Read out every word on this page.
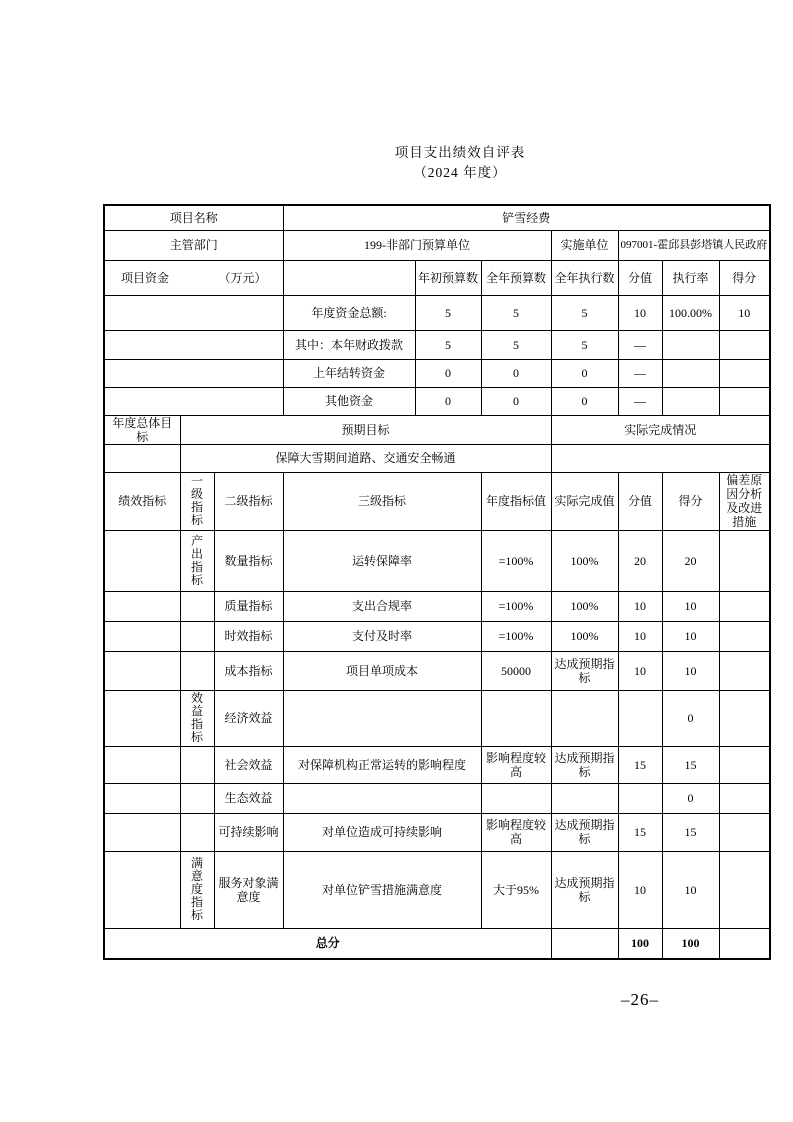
项目支出绩效自评表
（2024 年度）
项目名称			铲雪经费						
主管部门			199-非部门预算单位			实施单位	097001-霍邱县彭塔镇人民政府		

项目资金 （万元）				年初预算数	全年预算数	全年执行数	分值	执行率	得分
			年度资金总额:	5	5	5	10	100.00%	10
			其中：本年财政拨款	5	5	5	—		
			上年结转资金	0	0	0	—		
			其他资金	0	0	0	—		
年度总体目标	预期目标					实际完成情况			
	保障大雪期间道路、交通安全畅通								
绩效指标	一级指标	二级指标	三级指标		年度指标值	实际完成值	分值	得分	偏差原因分析及改进措施
	产出指标	数量指标	运转保障率		=100%	100%	20	20	
		质量指标	支出合规率		=100%	100%	10	10	
		时效指标	支付及时率		=100%	100%	10	10	
		成本指标	项目单项成本		50000	达成预期指标	10	10	
	效益指标	经济效益						0	
		社会效益	对保障机构正常运转的影响程度		影响程度较高	达成预期指标	15	15	
		生态效益						0	
		可持续影响	对单位造成可持续影响		影响程度较高	达成预期指标	15	15	
	满意度指标	服务对象满意度	对单位铲雪措施满意度		大于95%	达成预期指标	10	10	
总分							100	100	
–26–
